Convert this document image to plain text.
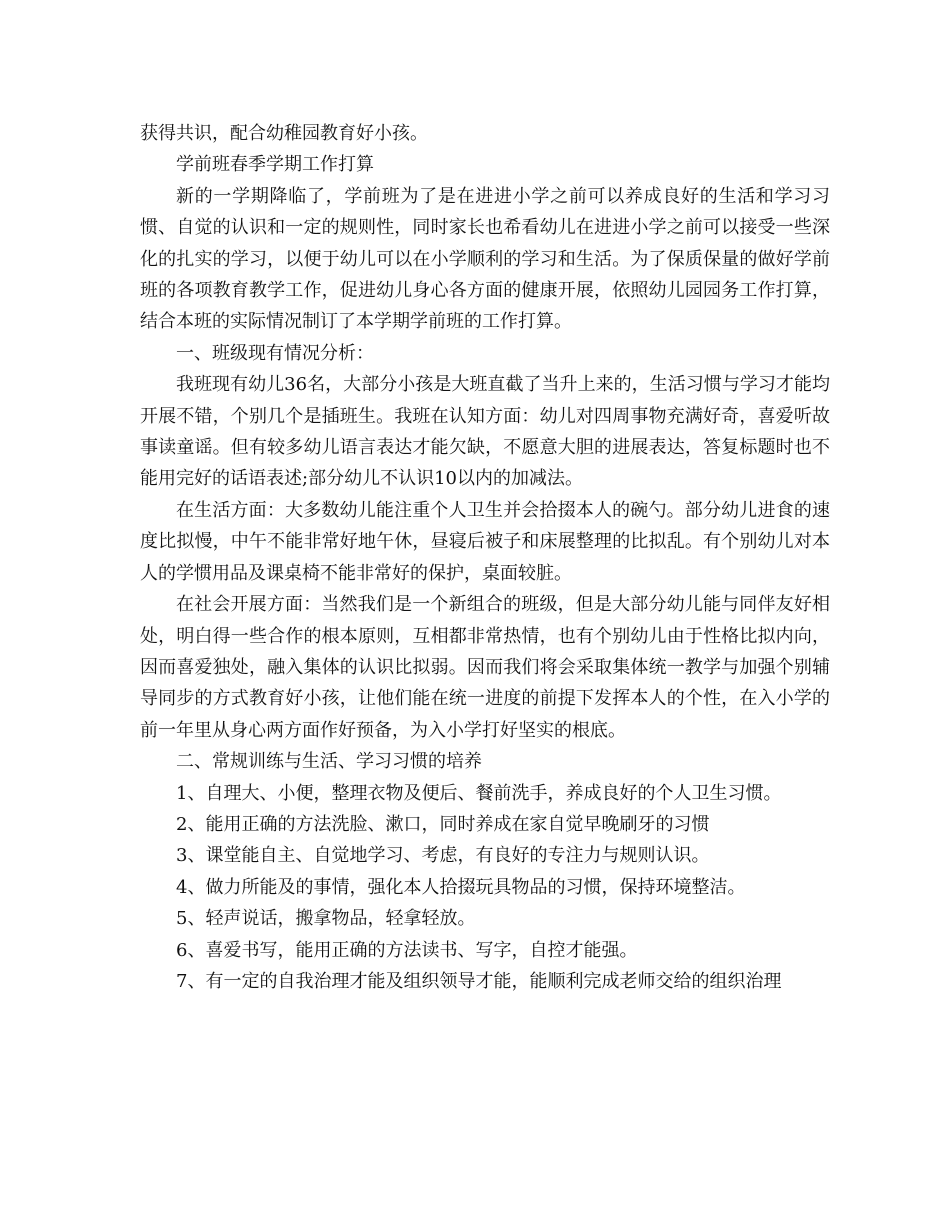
获得共识，配合幼稚园教育好小孩。

学前班春季学期工作打算

新的一学期降临了，学前班为了是在进进小学之前可以养成良好的生活和学习习惯、自觉的认识和一定的规则性，同时家长也希看幼儿在进进小学之前可以接受一些深化的扎实的学习，以便于幼儿可以在小学顺利的学习和生活。为了保质保量的做好学前班的各项教育教学工作，促进幼儿身心各方面的健康开展，依照幼儿园园务工作打算，结合本班的实际情况制订了本学期学前班的工作打算。

一、班级现有情况分析：

我班现有幼儿36名，大部分小孩是大班直截了当升上来的，生活习惯与学习才能均开展不错，个别几个是插班生。我班在认知方面：幼儿对四周事物充满好奇，喜爱听故事读童谣。但有较多幼儿语言表达才能欠缺，不愿意大胆的进展表达，答复标题时也不能用完好的话语表述;部分幼儿不认识10以内的加减法。

在生活方面：大多数幼儿能注重个人卫生并会拾掇本人的碗勺。部分幼儿进食的速度比拟慢，中午不能非常好地午休，昼寝后被子和床展整理的比拟乱。有个别幼儿对本人的学惯用品及课桌椅不能非常好的保护，桌面较脏。

在社会开展方面：当然我们是一个新组合的班级，但是大部分幼儿能与同伴友好相处，明白得一些合作的根本原则，互相都非常热情，也有个别幼儿由于性格比拟内向，因而喜爱独处，融入集体的认识比拟弱。因而我们将会采取集体统一教学与加强个别辅导同步的方式教育好小孩，让他们能在统一进度的前提下发挥本人的个性，在入小学的前一年里从身心两方面作好预备，为入小学打好坚实的根底。

二、常规训练与生活、学习习惯的培养

1、自理大、小便，整理衣物及便后、餐前洗手，养成良好的个人卫生习惯。

2、能用正确的方法洗脸、漱口，同时养成在家自觉早晚刷牙的习惯

3、课堂能自主、自觉地学习、考虑，有良好的专注力与规则认识。

4、做力所能及的事情，强化本人拾掇玩具物品的习惯，保持环境整洁。

5、轻声说话，搬拿物品，轻拿轻放。

6、喜爱书写，能用正确的方法读书、写字，自控才能强。

7、有一定的自我治理才能及组织领导才能，能顺利完成老师交给的组织治理
